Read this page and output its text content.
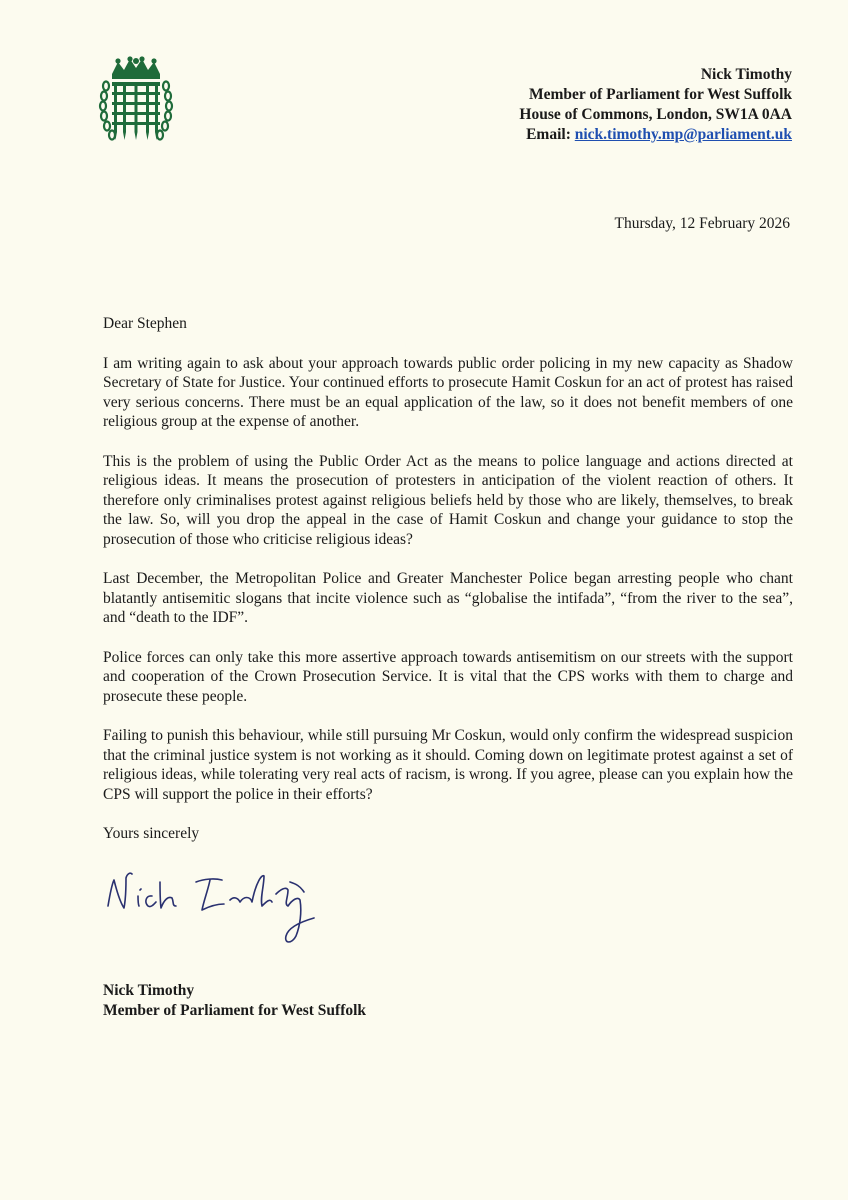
Nick Timothy
Member of Parliament for West Suffolk
House of Commons, London, SW1A 0AA
Email: nick.timothy.mp@parliament.uk
Thursday, 12 February 2026

Dear Stephen

I am writing again to ask about your approach towards public order policing in my new capacity as Shadow Secretary of State for Justice. Your continued efforts to prosecute Hamit Coskun for an act of protest has raised very serious concerns. There must be an equal application of the law, so it does not benefit members of one religious group at the expense of another.

This is the problem of using the Public Order Act as the means to police language and actions directed at religious ideas. It means the prosecution of protesters in anticipation of the violent reaction of others. It therefore only criminalises protest against religious beliefs held by those who are likely, themselves, to break the law. So, will you drop the appeal in the case of Hamit Coskun and change your guidance to stop the prosecution of those who criticise religious ideas?

Last December, the Metropolitan Police and Greater Manchester Police began arresting people who chant blatantly antisemitic slogans that incite violence such as “globalise the intifada”, “from the river to the sea”, and “death to the IDF”.

Police forces can only take this more assertive approach towards antisemitism on our streets with the support and cooperation of the Crown Prosecution Service. It is vital that the CPS works with them to charge and prosecute these people.

Failing to punish this behaviour, while still pursuing Mr Coskun, would only confirm the widespread suspicion that the criminal justice system is not working as it should. Coming down on legitimate protest against a set of religious ideas, while tolerating very real acts of racism, is wrong. If you agree, please can you explain how the CPS will support the police in their efforts?

Yours sincerely

Nick Timothy
Member of Parliament for West Suffolk
